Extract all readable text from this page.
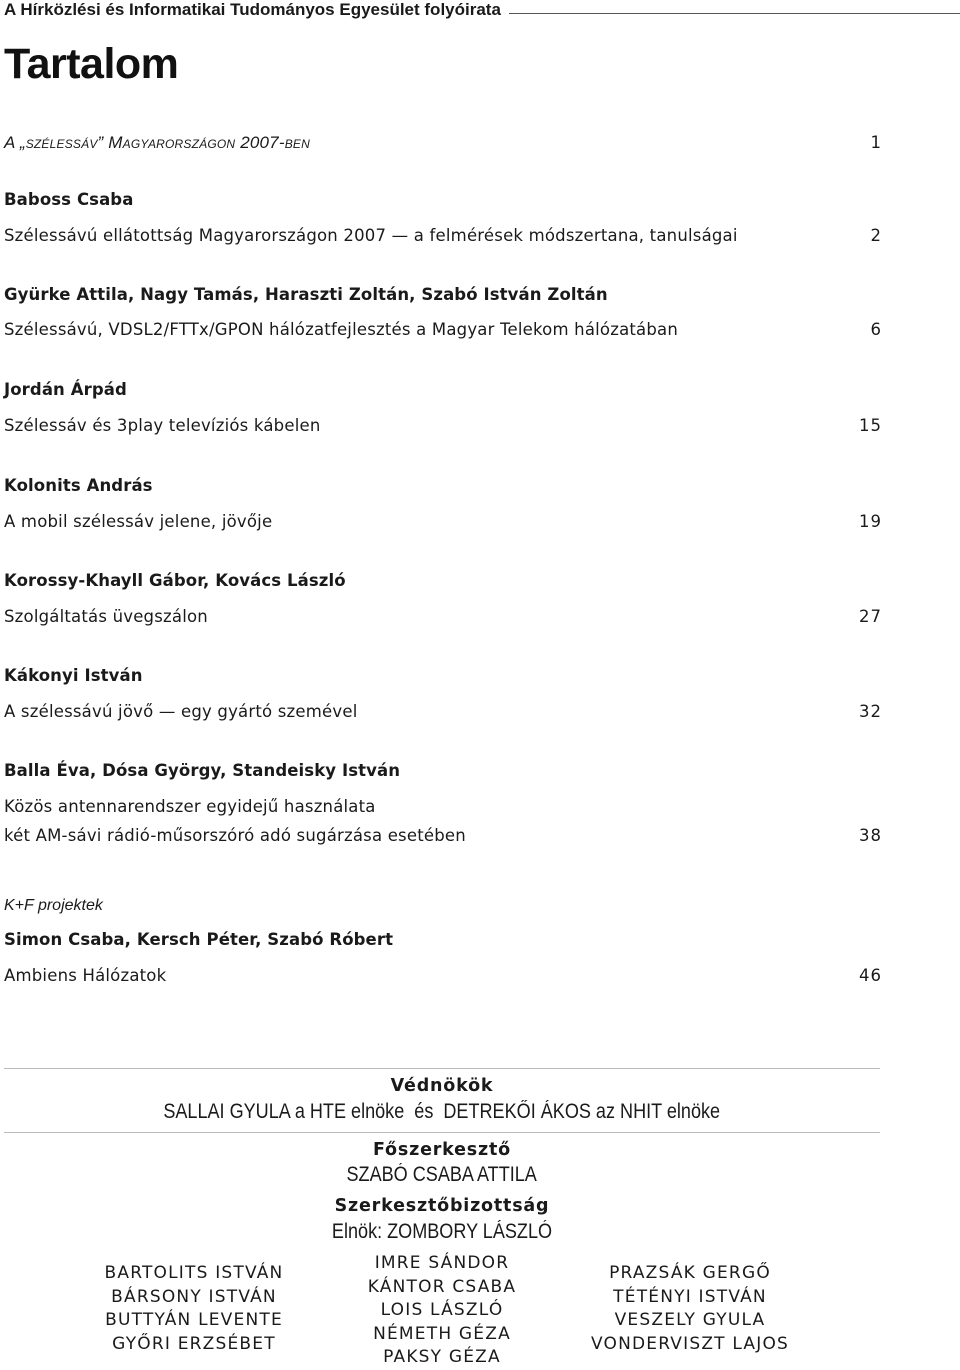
A Hírközlési és Informatikai Tudományos Egyesület folyóirata
Tartalom
A „szélessáv” Magyarországon 2007-ben	1
Baboss Csaba
Szélessávú ellátottság Magyarországon 2007 — a felmérések módszertana, tanulságai	2
Gyürke Attila, Nagy Tamás, Haraszti Zoltán, Szabó István Zoltán
Szélessávú, VDSL2/FTTx/GPON hálózatfejlesztés a Magyar Telekom hálózatában	6
Jordán Árpád
Szélessáv és 3play televíziós kábelen	15
Kolonits András
A mobil szélessáv jelene, jövője	19
Korossy-Khayll Gábor, Kovács László
Szolgáltatás üvegszálon	27
Kákonyi István
A szélessávú jövő — egy gyártó szemével	32
Balla Éva, Dósa György, Standeisky István
Közös antennarendszer egyidejű használata
két AM-sávi rádió-műsorszóró adó sugárzása esetében	38
K+F projektek
Simon Csaba, Kersch Péter, Szabó Róbert
Ambiens Hálózatok	46
Védnökök
SALLAI GYULA a HTE elnöke  és  DETREKŐI ÁKOS az NHIT elnöke
Főszerkesztő
SZABÓ CSABA ATTILA
Szerkesztőbizottság
Elnök: ZOMBORY LÁSZLÓ
BARTOLITS ISTVÁN
BÁRSONY ISTVÁN
BUTTYÁN LEVENTE
GYŐRI ERZSÉBET
IMRE SÁNDOR
KÁNTOR CSABA
LOIS LÁSZLÓ
NÉMETH GÉZA
PAKSY GÉZA
PRAZSÁK GERGŐ
TÉTÉNYI ISTVÁN
VESZELY GYULA
VONDERVISZT LAJOS
